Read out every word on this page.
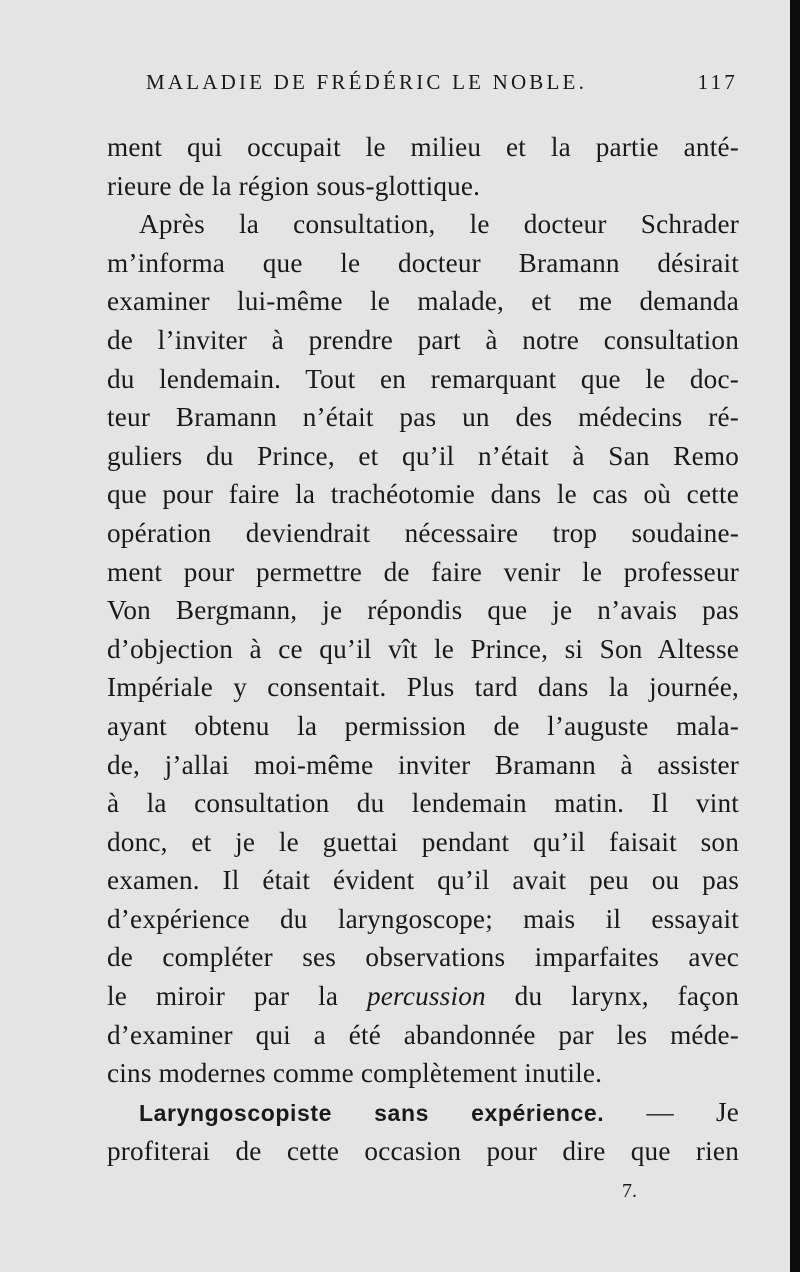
MALADIE DE FRÉDÉRIC LE NOBLE.	117
ment qui occupait le milieu et la partie anté-
rieure de la région sous-glottique.
Après la consultation, le docteur Schrader
m’informa que le docteur Bramann désirait
examiner lui-même le malade, et me demanda
de l’inviter à prendre part à notre consultation
du lendemain. Tout en remarquant que le doc-
teur Bramann n’était pas un des médecins ré-
guliers du Prince, et qu’il n’était à San Remo
que pour faire la trachéotomie dans le cas où cette
opération deviendrait nécessaire trop soudaine-
ment pour permettre de faire venir le professeur
Von Bergmann, je répondis que je n’avais pas
d’objection à ce qu’il vît le Prince, si Son Altesse
Impériale y consentait. Plus tard dans la journée,
ayant obtenu la permission de l’auguste mala-
de, j’allai moi-même inviter Bramann à assister
à la consultation du lendemain matin. Il vint
donc, et je le guettai pendant qu’il faisait son
examen. Il était évident qu’il avait peu ou pas
d’expérience du laryngoscope; mais il essayait
de compléter ses observations imparfaites avec
le miroir par la percussion du larynx, façon
d’examiner qui a été abandonnée par les méde-
cins modernes comme complètement inutile.
Laryngoscopiste sans expérience. — Je
profiterai de cette occasion pour dire que rien
7.
